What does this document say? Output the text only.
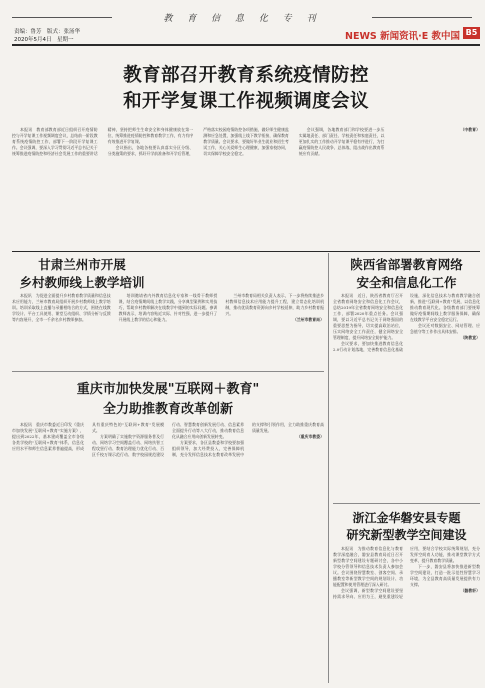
教 育 信 息 化 专 刊
责编：鲁芳　版式：张汤华
2020年5月4日　星期一	NEWS 新闻资讯·E 教中国 B5
教育部召开教育系统疫情防控
和开学复课工作视频调度会议

本报讯　教育部教育部近日组织召开疫情防控与开学复课工作视频调度会议，总结前一阶段教育系统疫情防控工作，部署下一阶段开学复课工作。会议强调，要深入学习贯彻习近平总书记关于统筹推进疫情防控和经济社会发展工作的重要讲话精神，坚持把师生生命安全和身体健康放在第一位，统筹推进疫情防控和教育教学工作，有力有序有效推进开学复课。

会议指出，各地各校要认真落实分区分级、分类施策的要求，抓好开学前准备和开学后管理，严格落实校园疫情防控各项措施，做好师生健康监测和应急处置，加强线上线下教学衔接，确保教育教学质量。会议要求，要做好毕业生就业和招生考试工作，关心关爱师生心理健康，加强家校协同，切实保障学校安全稳定。

会议强调，各地教育部门和学校要进一步压实属地责任、部门责任、学校责任和家庭责任，以更加扎实的工作推动开学复课平稳有序进行，为打赢疫情防控人民战争、总体战、阻击战作出教育系统应有贡献。

（中教育）

甘肃兰州市开展
乡村教师线上教学培训

本报讯　为促进全面提升乡村教育教学质量和信息技术应用能力，兰州市教育局组织开展乡村教师线上教学培训。培训采取线上直播与录播相结合的方式，围绕在线教学设计、平台工具使用、课堂互动组织、学情分析与反馈等内容展开，全市一千余名乡村教师参加。

培训邀请省内外教育信息化专家和一线骨干教师授课，结合疫情期间线上教学实践，分享典型案例和实用技巧，帮助乡村教师解决在线教学中遇到的实际问题。参训教师表示，培训内容贴近实际、针对性强，进一步提升了开展线上教学的信心和能力。

兰州市教育局相关负责人表示，下一步将持续推进乡村教师信息技术应用能力提升工程，建立常态化培训机制，推动优质教育资源向乡村学校延伸，助力乡村教育振兴。

（兰州市教育局）

陕西省部署教育网络
安全和信息化工作

本报讯　近日，陕西省教育厅召开全省教育网络安全和信息化工作会议，总结2019年全省教育网络安全和信息化工作，部署2020年重点任务。会议强调，要以习近平总书记关于网络强国的重要思想为指导，切实提高政治站位，压实网络安全工作责任，健全网络安全管理制度，提升网络安全防护能力。

会议要求，要加快推进教育信息化2.0行动计划落地，完善教育信息化基础设施，深化信息技术与教育教学融合创新，推进"互联网+教育"发展，以信息化推动教育现代化。各级教育部门要统筹做好疫情期间线上教学服务保障，确保在线教学平台安全稳定运行。

会议还对数据安全、网站管理、应急值守等工作作出具体安排。

（陕教宣）

重庆市加快发展"互联网＋教育"
全力助推教育改革创新

本报讯　重庆市教委近日印发《重庆市加快发展"互联网+教育"实施方案》，提出到2022年，基本建成覆盖全市各级各类学校的"互联网+教育"体系，信息化应用水平和师生信息素养普遍提高，形成具有重庆特色的"互联网+教育"发展模式。

方案明确了实施数字资源服务普及行动、网络学习空间覆盖行动、网络扶智工程攻坚行动、教育治理能力优化行动、百区千校万课示范行动、数字校园规范建设行动、智慧教育创新发展行动、信息素养全面提升行动等八大行动，推动教育信息化从融合应用向创新发展转变。

方案要求，各区县教委和学校要加强组织领导，加大经费投入，完善保障机制，充分发挥信息技术在教育改革发展中的支撑和引领作用，全力助推重庆教育高质量发展。

（重庆市教委）

浙江金华磐安县专题
研究新型教学空间建设

本报讯　为推动教育信息化与教育教学深度融合，磐安县教育局近日召开新型教学空间建设专题研讨会，各中小学校分管领导和信息技术负责人参加会议。会议围绕智慧教室、创客空间、录播教室等新型教学空间的规划设计、功能配置和使用管理进行深入研讨。

会议强调，新型教学空间建设要坚持需求导向、应用为王，避免重建设轻应用，要结合学校实际统筹规划，充分发挥空间育人功能，推动课堂教学方式变革，提升教育教学质量。

下一步，磐安县将加快推进新型教学空间建设，打造一批示范性智慧学习环境，为全县教育高质量发展提供有力支撑。

（磐教轩）
